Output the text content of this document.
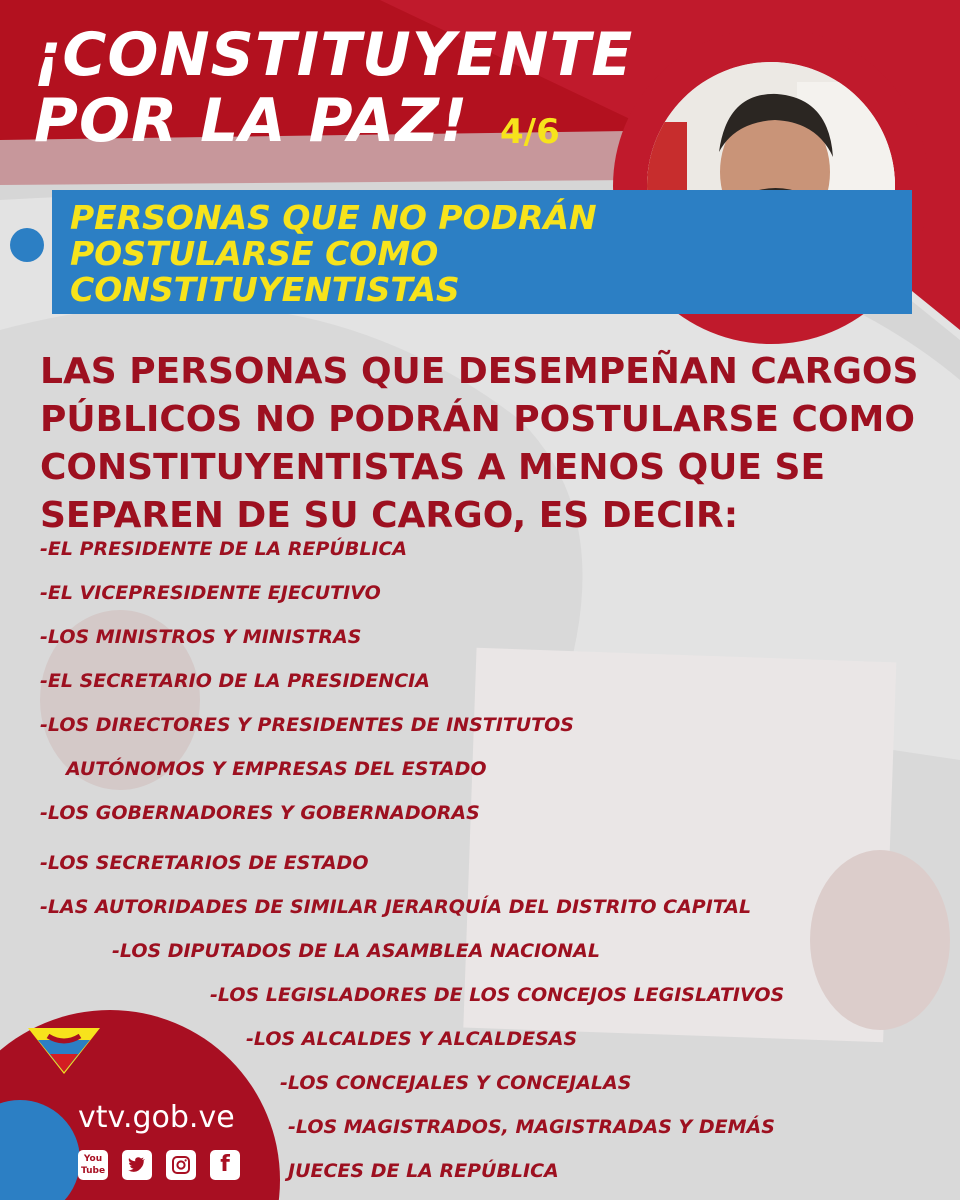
¡CONSTITUYENTE
POR LA PAZ! 4/6
PERSONAS QUE NO PODRÁN POSTULARSE COMO CONSTITUYENTISTAS

LAS PERSONAS QUE DESEMPEÑAN CARGOS PÚBLICOS NO PODRÁN POSTULARSE COMO CONSTITUYENTISTAS A MENOS QUE SE SEPAREN DE SU CARGO, ES DECIR:

-EL PRESIDENTE DE LA REPÚBLICA
-EL VICEPRESIDENTE EJECUTIVO
-LOS MINISTROS Y MINISTRAS
-EL SECRETARIO DE LA PRESIDENCIA
-LOS DIRECTORES Y PRESIDENTES DE INSTITUTOS
AUTÓNOMOS Y EMPRESAS DEL ESTADO
-LOS GOBERNADORES Y GOBERNADORAS
-LOS SECRETARIOS DE ESTADO
-LAS AUTORIDADES DE SIMILAR JERARQUÍA DEL DISTRITO CAPITAL
-LOS DIPUTADOS DE LA ASAMBLEA NACIONAL
-LOS LEGISLADORES DE LOS CONCEJOS LEGISLATIVOS
-LOS ALCALDES Y ALCALDESAS
-LOS CONCEJALES Y CONCEJALAS
-LOS MAGISTRADOS, MAGISTRADAS Y DEMÁS
JUECES DE LA REPÚBLICA
vtv.gob.ve
You Tube	f
